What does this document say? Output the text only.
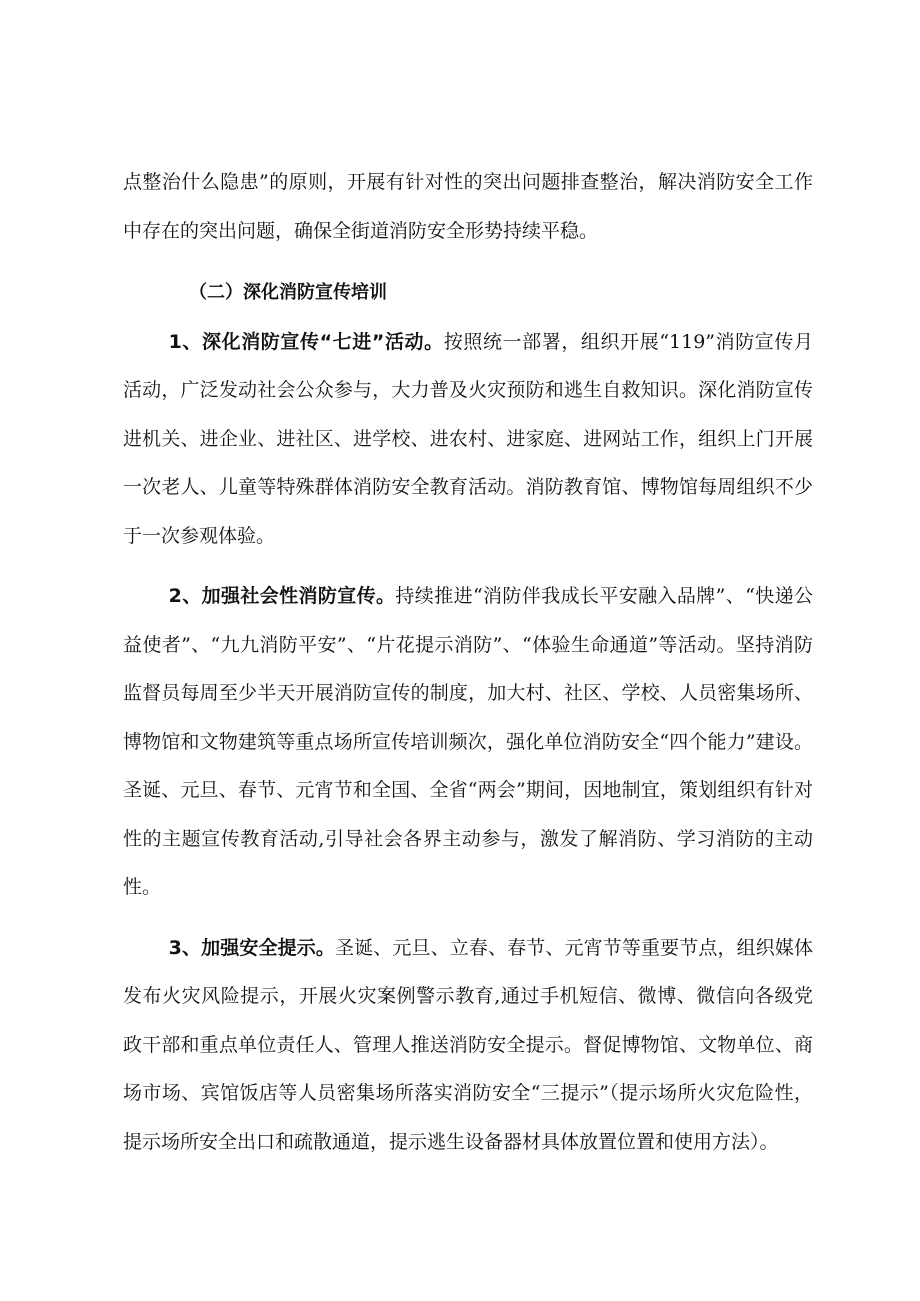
点整治什么隐患”的原则，开展有针对性的突出问题排查整治，解决消防安全工作中存在的突出问题，确保全街道消防安全形势持续平稳。

（二）深化消防宣传培训

1、深化消防宣传“七进”活动。按照统一部署，组织开展“119”消防宣传月活动，广泛发动社会公众参与，大力普及火灾预防和逃生自救知识。深化消防宣传进机关、进企业、进社区、进学校、进农村、进家庭、进网站工作，组织上门开展一次老人、儿童等特殊群体消防安全教育活动。消防教育馆、博物馆每周组织不少于一次参观体验。

2、加强社会性消防宣传。持续推进“消防伴我成长平安融入品牌”、“快递公益使者”、“九九消防平安”、“片花提示消防”、“体验生命通道”等活动。坚持消防监督员每周至少半天开展消防宣传的制度，加大村、社区、学校、人员密集场所、博物馆和文物建筑等重点场所宣传培训频次，强化单位消防安全“四个能力”建设。圣诞、元旦、春节、元宵节和全国、全省“两会”期间，因地制宜，策划组织有针对性的主题宣传教育活动,引导社会各界主动参与，激发了解消防、学习消防的主动性。

3、加强安全提示。圣诞、元旦、立春、春节、元宵节等重要节点，组织媒体发布火灾风险提示，开展火灾案例警示教育,通过手机短信、微博、微信向各级党政干部和重点单位责任人、管理人推送消防安全提示。督促博物馆、文物单位、商场市场、宾馆饭店等人员密集场所落实消防安全“三提示”（提示场所火灾危险性，提示场所安全出口和疏散通道，提示逃生设备器材具体放置位置和使用方法）。
